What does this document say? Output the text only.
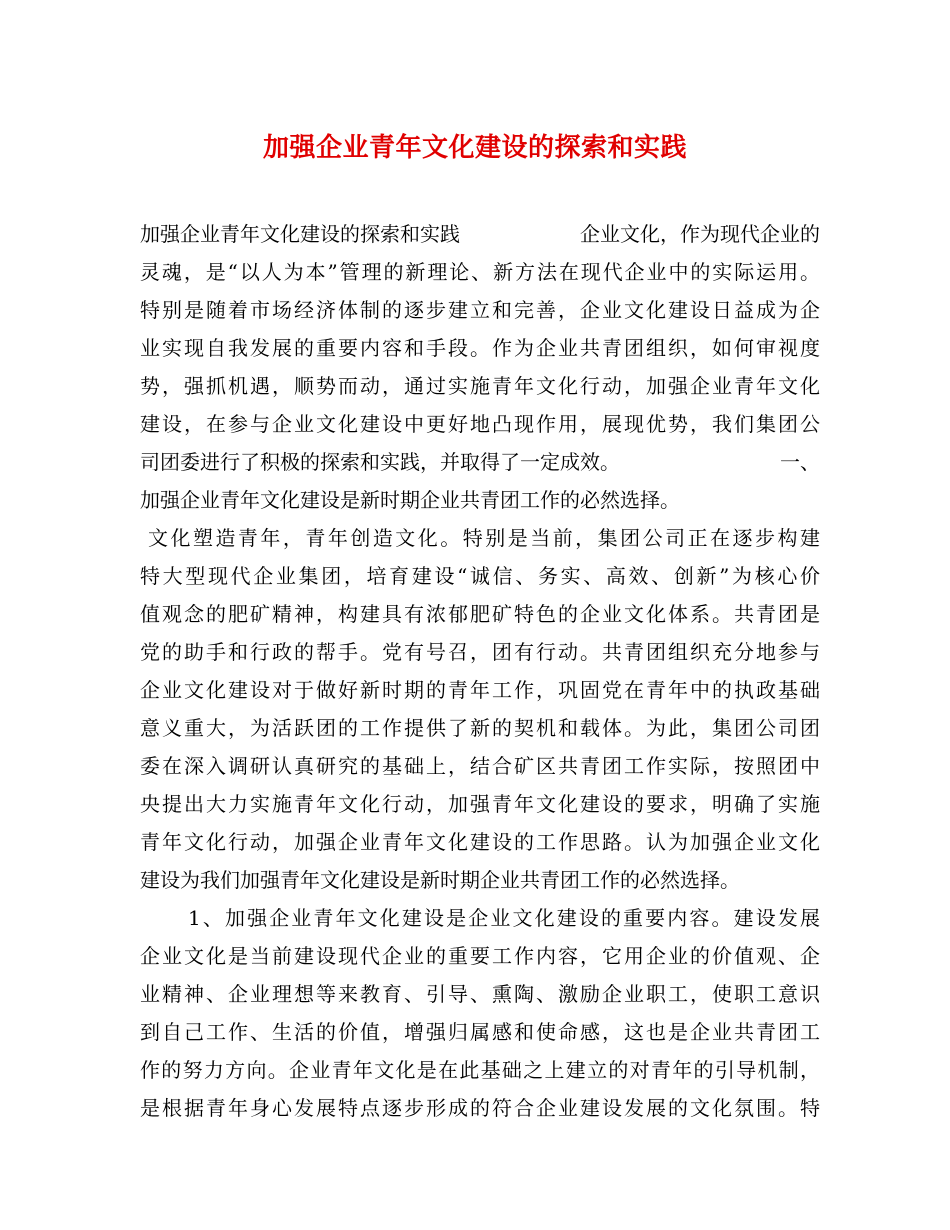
加强企业青年文化建设的探索和实践
加强企业青年文化建设的探索和实践	企业文化，作为现代企业的
灵魂，是“以人为本”管理的新理论、新方法在现代企业中的实际运用。
特别是随着市场经济体制的逐步建立和完善，企业文化建设日益成为企
业实现自我发展的重要内容和手段。作为企业共青团组织，如何审视度
势，强抓机遇，顺势而动，通过实施青年文化行动，加强企业青年文化
建设，在参与企业文化建设中更好地凸现作用，展现优势，我们集团公
司团委进行了积极的探索和实践，并取得了一定成效。	一、
加强企业青年文化建设是新时期企业共青团工作的必然选择。
文化塑造青年，青年创造文化。特别是当前，集团公司正在逐步构建
特大型现代企业集团，培育建设“诚信、务实、高效、创新”为核心价
值观念的肥矿精神，构建具有浓郁肥矿特色的企业文化体系。共青团是
党的助手和行政的帮手。党有号召，团有行动。共青团组织充分地参与
企业文化建设对于做好新时期的青年工作，巩固党在青年中的执政基础
意义重大，为活跃团的工作提供了新的契机和载体。为此，集团公司团
委在深入调研认真研究的基础上，结合矿区共青团工作实际，按照团中
央提出大力实施青年文化行动，加强青年文化建设的要求，明确了实施
青年文化行动，加强企业青年文化建设的工作思路。认为加强企业文化
建设为我们加强青年文化建设是新时期企业共青团工作的必然选择。
1、加强企业青年文化建设是企业文化建设的重要内容。建设发展
企业文化是当前建设现代企业的重要工作内容，它用企业的价值观、企
业精神、企业理想等来教育、引导、熏陶、激励企业职工，使职工意识
到自己工作、生活的价值，增强归属感和使命感，这也是企业共青团工
作的努力方向。企业青年文化是在此基础之上建立的对青年的引导机制，
是根据青年身心发展特点逐步形成的符合企业建设发展的文化氛围。特
